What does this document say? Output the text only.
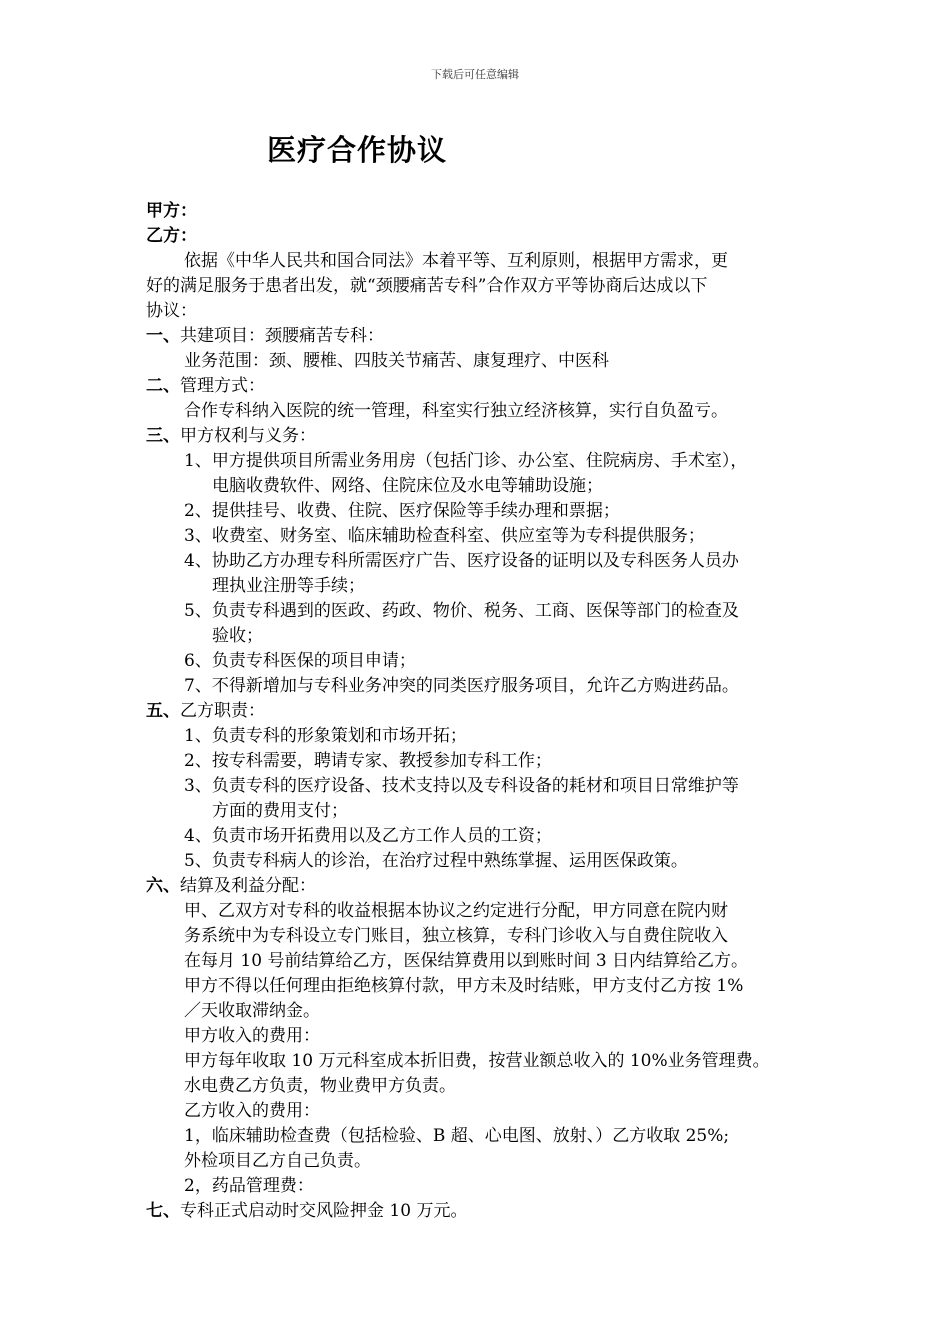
下载后可任意编辑
医疗合作协议
甲方：
乙方：
依据《中华人民共和国合同法》本着平等、互利原则，根据甲方需求，更
好的满足服务于患者出发，就“颈腰痛苦专科”合作双方平等协商后达成以下
协议：
一、共建项目：颈腰痛苦专科：
业务范围：颈、腰椎、四肢关节痛苦、康复理疗、中医科
二、管理方式：
合作专科纳入医院的统一管理，科室实行独立经济核算，实行自负盈亏。
三、甲方权利与义务：
1、甲方提供项目所需业务用房（包括门诊、办公室、住院病房、手术室），
电脑收费软件、网络、住院床位及水电等辅助设施；
2、提供挂号、收费、住院、医疗保险等手续办理和票据；
3、收费室、财务室、临床辅助检查科室、供应室等为专科提供服务；
4、协助乙方办理专科所需医疗广告、医疗设备的证明以及专科医务人员办
理执业注册等手续；
5、负责专科遇到的医政、药政、物价、税务、工商、医保等部门的检查及
验收；
6、负责专科医保的项目申请；
7、不得新增加与专科业务冲突的同类医疗服务项目，允许乙方购进药品。
五、乙方职责：
1、负责专科的形象策划和市场开拓；
2、按专科需要，聘请专家、教授参加专科工作；
3、负责专科的医疗设备、技术支持以及专科设备的耗材和项目日常维护等
方面的费用支付；
4、负责市场开拓费用以及乙方工作人员的工资；
5、负责专科病人的诊治，在治疗过程中熟练掌握、运用医保政策。
六、结算及利益分配：
甲、乙双方对专科的收益根据本协议之约定进行分配，甲方同意在院内财
务系统中为专科设立专门账目，独立核算，专科门诊收入与自费住院收入
在每月 10 号前结算给乙方，医保结算费用以到账时间 3 日内结算给乙方。
甲方不得以任何理由拒绝核算付款，甲方未及时结账，甲方支付乙方按 1%
／天收取滞纳金。
甲方收入的费用：
甲方每年收取 10 万元科室成本折旧费，按营业额总收入的 10%业务管理费。
水电费乙方负责，物业费甲方负责。
乙方收入的费用：
1，临床辅助检查费（包括检验、B 超、心电图、放射、）乙方收取 25%;
外检项目乙方自己负责。
2，药品管理费：
七、专科正式启动时交风险押金 10 万元。
